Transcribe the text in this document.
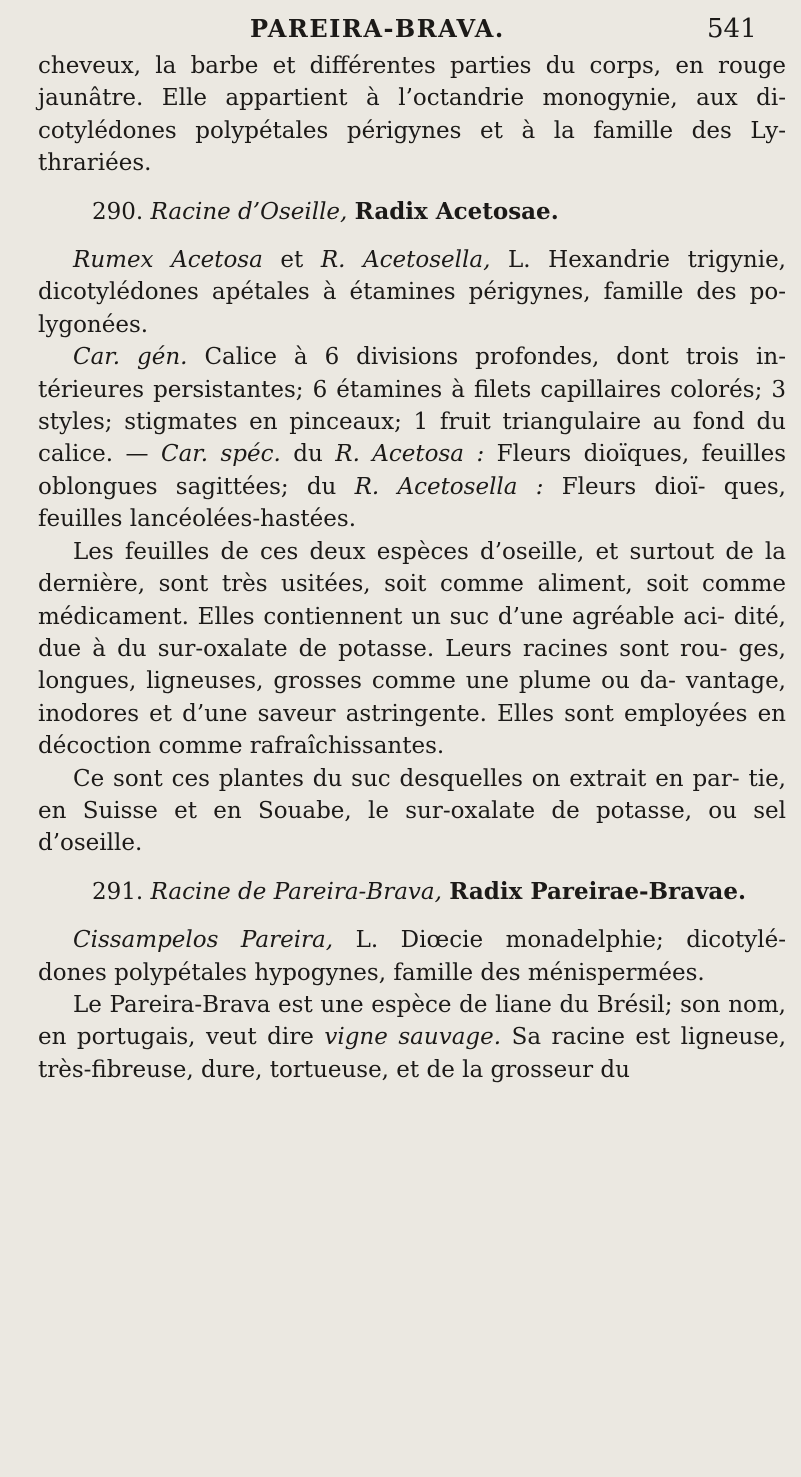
PAREIRA-BRAVA.	541

cheveux, la barbe et différentes parties du corps, en rouge jaunâtre. Elle appartient à l’octandrie monogynie, aux di- cotylédones polypétales périgynes et à la famille des Ly- thrariées.

290. Racine d’Oseille, Radix Acetosae.

Rumex Acetosa et R. Acetosella, L. Hexandrie trigynie, dicotylédones apétales à étamines périgynes, famille des po- lygonées.

Car. gén. Calice à 6 divisions profondes, dont trois in- térieures persistantes; 6 étamines à filets capillaires colorés; 3 styles; stigmates en pinceaux; 1 fruit triangulaire au fond du calice. — Car. spéc. du R. Acetosa : Fleurs dioïques, feuilles oblongues sagittées; du R. Acetosella : Fleurs dioï- ques, feuilles lancéolées-hastées.

Les feuilles de ces deux espèces d’oseille, et surtout de la dernière, sont très usitées, soit comme aliment, soit comme médicament. Elles contiennent un suc d’une agréable aci- dité, due à du sur-oxalate de potasse. Leurs racines sont rou- ges, longues, ligneuses, grosses comme une plume ou da- vantage, inodores et d’une saveur astringente. Elles sont employées en décoction comme rafraîchissantes.

Ce sont ces plantes du suc desquelles on extrait en par- tie, en Suisse et en Souabe, le sur-oxalate de potasse, ou sel d’oseille.

291. Racine de Pareira-Brava, Radix Pareirae-Bravae.

Cissampelos Pareira, L. Diœcie monadelphie; dicotylé- dones polypétales hypogynes, famille des ménispermées.

Le Pareira-Brava est une espèce de liane du Brésil; son nom, en portugais, veut dire vigne sauvage. Sa racine est ligneuse, très-fibreuse, dure, tortueuse, et de la grosseur du
